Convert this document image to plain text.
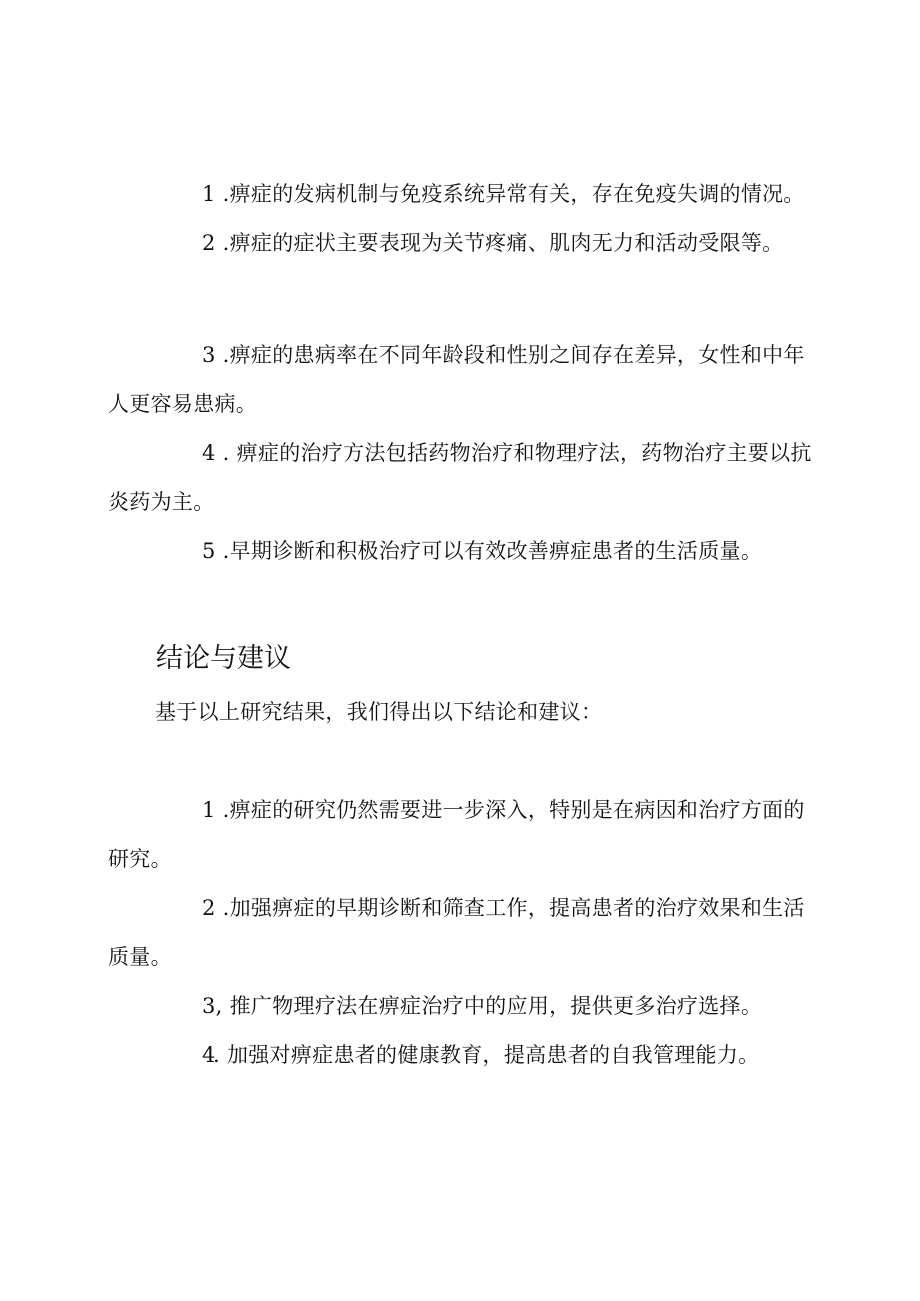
1 .痹症的发病机制与免疫系统异常有关，存在免疫失调的情况。

2 .痹症的症状主要表现为关节疼痛、肌肉无力和活动受限等。

3 .痹症的患病率在不同年龄段和性别之间存在差异，女性和中年人更容易患病。

4 . 痹症的治疗方法包括药物治疗和物理疗法，药物治疗主要以抗炎药为主。

5 .早期诊断和积极治疗可以有效改善痹症患者的生活质量。

结论与建议

基于以上研究结果，我们得出以下结论和建议：

1 .痹症的研究仍然需要进一步深入，特别是在病因和治疗方面的研究。

2 .加强痹症的早期诊断和筛查工作，提高患者的治疗效果和生活质量。

3, 推广物理疗法在痹症治疗中的应用，提供更多治疗选择。

4. 加强对痹症患者的健康教育，提高患者的自我管理能力。
